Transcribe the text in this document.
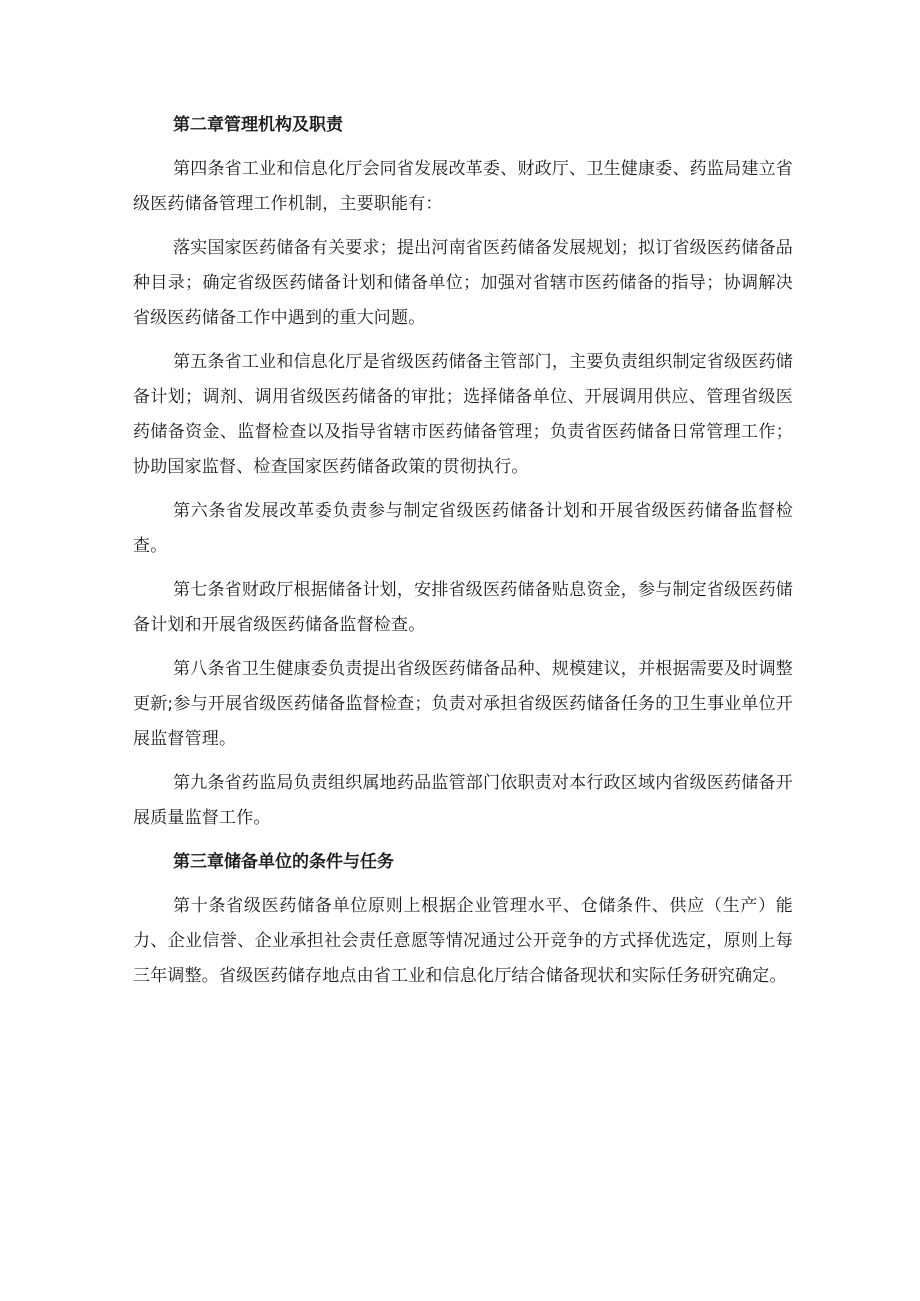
第二章管理机构及职责

第四条省工业和信息化厅会同省发展改革委、财政厅、卫生健康委、药监局建立省级医药储备管理工作机制，主要职能有：

落实国家医药储备有关要求；提出河南省医药储备发展规划；拟订省级医药储备品种目录；确定省级医药储备计划和储备单位；加强对省辖市医药储备的指导；协调解决省级医药储备工作中遇到的重大问题。

第五条省工业和信息化厅是省级医药储备主管部门，主要负责组织制定省级医药储备计划；调剂、调用省级医药储备的审批；选择储备单位、开展调用供应、管理省级医药储备资金、监督检查以及指导省辖市医药储备管理；负责省医药储备日常管理工作；协助国家监督、检查国家医药储备政策的贯彻执行。

第六条省发展改革委负责参与制定省级医药储备计划和开展省级医药储备监督检查。

第七条省财政厅根据储备计划，安排省级医药储备贴息资金，参与制定省级医药储备计划和开展省级医药储备监督检查。

第八条省卫生健康委负责提出省级医药储备品种、规模建议，并根据需要及时调整更新;参与开展省级医药储备监督检查；负责对承担省级医药储备任务的卫生事业单位开展监督管理。

第九条省药监局负责组织属地药品监管部门依职责对本行政区域内省级医药储备开展质量监督工作。

第三章储备单位的条件与任务

第十条省级医药储备单位原则上根据企业管理水平、仓储条件、供应（生产）能力、企业信誉、企业承担社会责任意愿等情况通过公开竞争的方式择优选定，原则上每三年调整。省级医药储存地点由省工业和信息化厅结合储备现状和实际任务研究确定。
